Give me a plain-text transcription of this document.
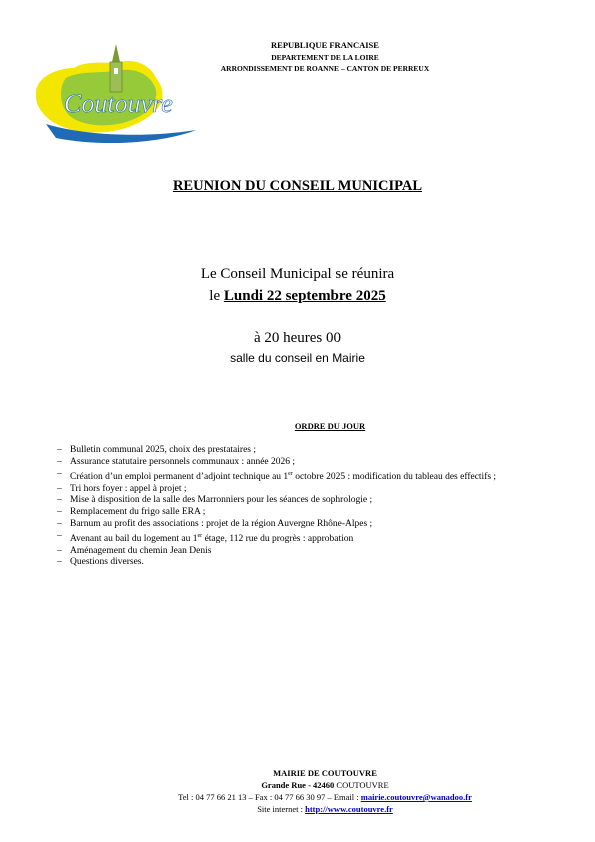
Coutouvre
REPUBLIQUE FRANCAISE
DEPARTEMENT DE LA LOIRE
ARRONDISSEMENT DE ROANNE – CANTON DE PERREUX
REUNION DU CONSEIL MUNICIPAL
Le Conseil Municipal se réunira
le Lundi 22 septembre 2025
à 20 heures 00
salle du conseil en Mairie
ORDRE DU JOUR
– Bulletin communal 2025, choix des prestataires ;
– Assurance statutaire personnels communaux : année 2026 ;
– Création d’un emploi permanent d’adjoint technique au 1er octobre 2025 : modification du tableau des effectifs ;
– Tri hors foyer : appel à projet ;
– Mise à disposition de la salle des Marronniers pour les séances de sophrologie ;
– Remplacement du frigo salle ERA ;
– Barnum au profit des associations : projet de la région Auvergne Rhône-Alpes ;
– Avenant au bail du logement au 1er étage, 112 rue du progrès : approbation
– Aménagement du chemin Jean Denis
– Questions diverses.
MAIRIE DE COUTOUVRE
Grande Rue - 42460 COUTOUVRE
Tel : 04 77 66 21 13 – Fax : 04 77 66 30 97 – Email : mairie.coutouvre@wanadoo.fr
Site internet : http://www.coutouvre.fr
